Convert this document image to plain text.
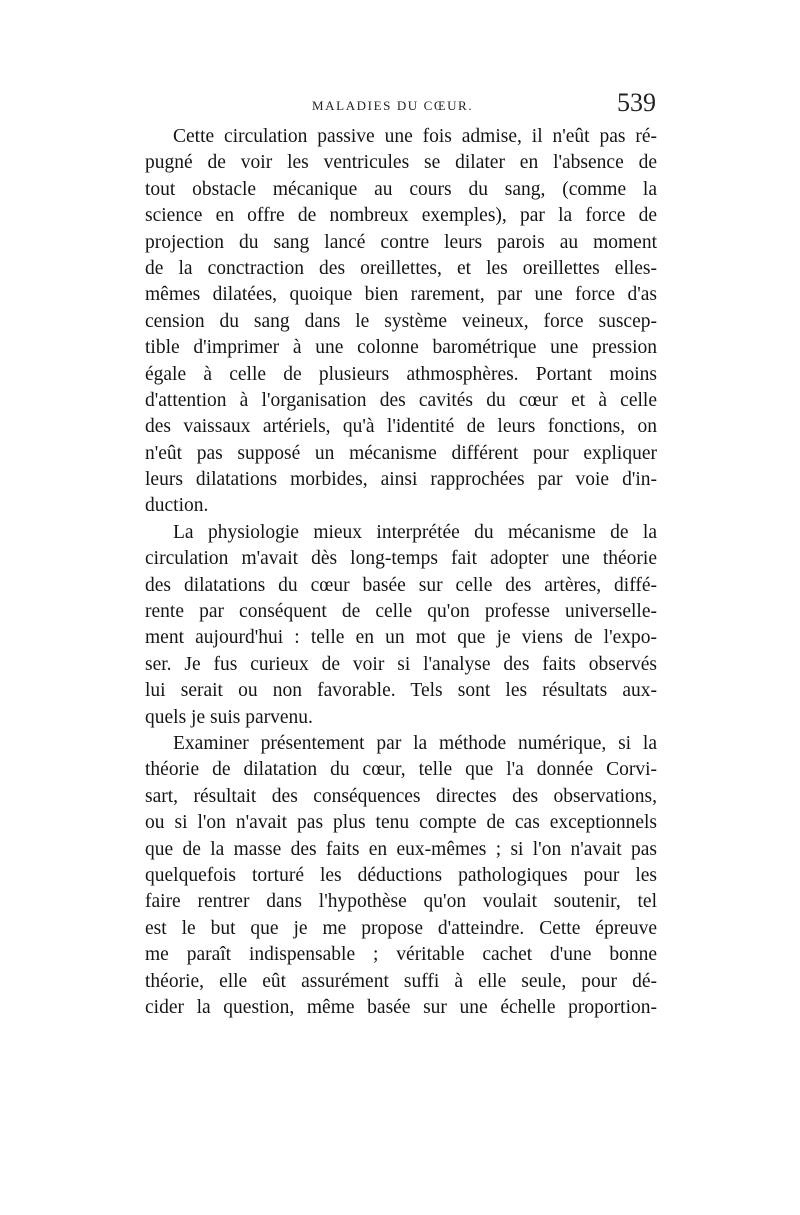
MALADIES DU CŒUR.	539
Cette circulation passive une fois admise, il n'eût pas ré-
pugné de voir les ventricules se dilater en l'absence de
tout obstacle mécanique au cours du sang, (comme la
science en offre de nombreux exemples), par la force de
projection du sang lancé contre leurs parois au moment
de la conctraction des oreillettes, et les oreillettes elles-
mêmes dilatées, quoique bien rarement, par une force d'as
cension du sang dans le système veineux, force suscep-
tible d'imprimer à une colonne barométrique une pression
égale à celle de plusieurs athmosphères. Portant moins
d'attention à l'organisation des cavités du cœur et à celle
des vaissaux artériels, qu'à l'identité de leurs fonctions, on
n'eût pas supposé un mécanisme différent pour expliquer
leurs dilatations morbides, ainsi rapprochées par voie d'in-
duction.
La physiologie mieux interprétée du mécanisme de la
circulation m'avait dès long-temps fait adopter une théorie
des dilatations du cœur basée sur celle des artères, diffé-
rente par conséquent de celle qu'on professe universelle-
ment aujourd'hui : telle en un mot que je viens de l'expo-
ser. Je fus curieux de voir si l'analyse des faits observés
lui serait ou non favorable. Tels sont les résultats aux-
quels je suis parvenu.
Examiner présentement par la méthode numérique, si la
théorie de dilatation du cœur, telle que l'a donnée Corvi-
sart, résultait des conséquences directes des observations,
ou si l'on n'avait pas plus tenu compte de cas exceptionnels
que de la masse des faits en eux-mêmes ; si l'on n'avait pas
quelquefois torturé les déductions pathologiques pour les
faire rentrer dans l'hypothèse qu'on voulait soutenir, tel
est le but que je me propose d'atteindre. Cette épreuve
me paraît indispensable ; véritable cachet d'une bonne
théorie, elle eût assurément suffi à elle seule, pour dé-
cider la question, même basée sur une échelle proportion-
